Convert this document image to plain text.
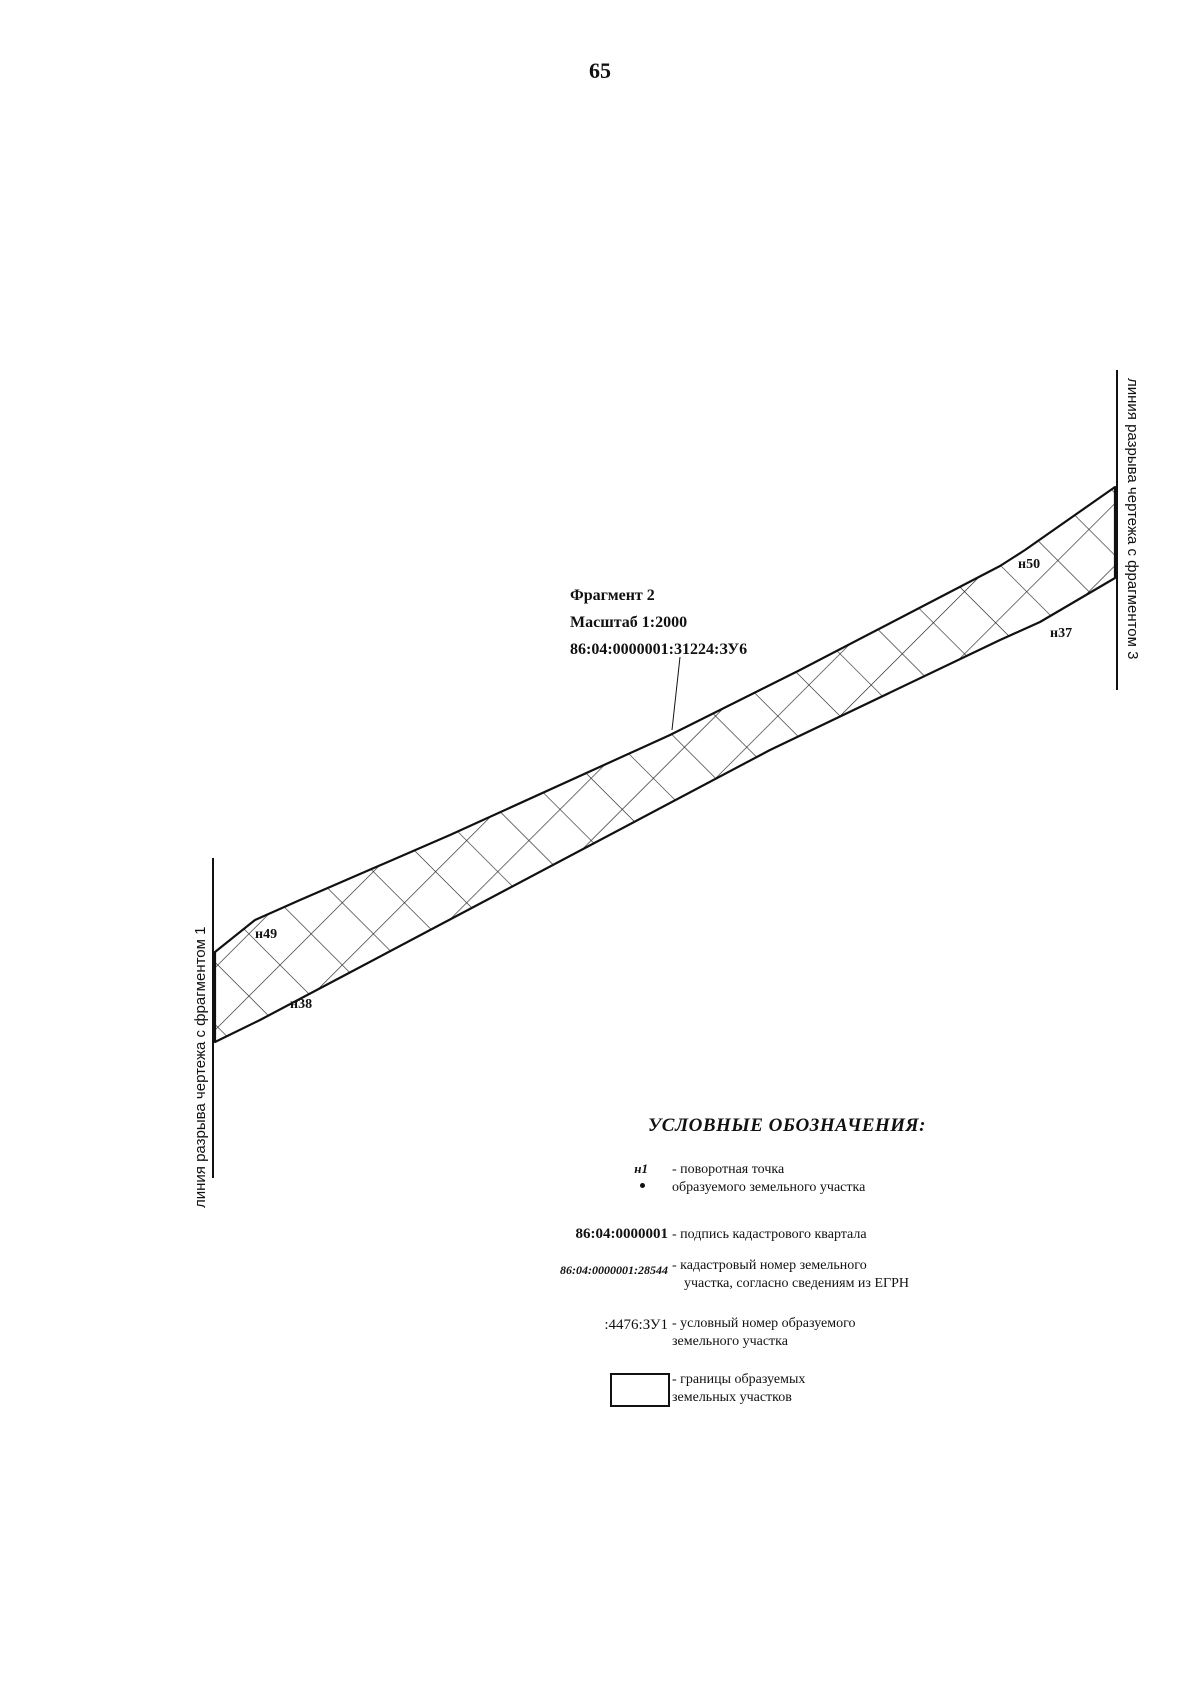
65
Фрагмент 2
Масштаб 1:2000
86:04:0000001:31224:ЗУ6
н49
н38
н50
н37
линия разрыва чертежа с фрагментом 1
линия разрыва чертежа с фрагментом 3
УСЛОВНЫЕ ОБОЗНАЧЕНИЯ:
н1 - поворотная точка
образуемого земельного участка
86:04:0000001 - подпись кадастрового квартала
86:04:0000001:28544 - кадастровый номер земельного
участка, согласно сведениям из ЕГРН
:4476:ЗУ1 - условный номер образуемого
земельного участка
- границы образуемых
земельных участков
